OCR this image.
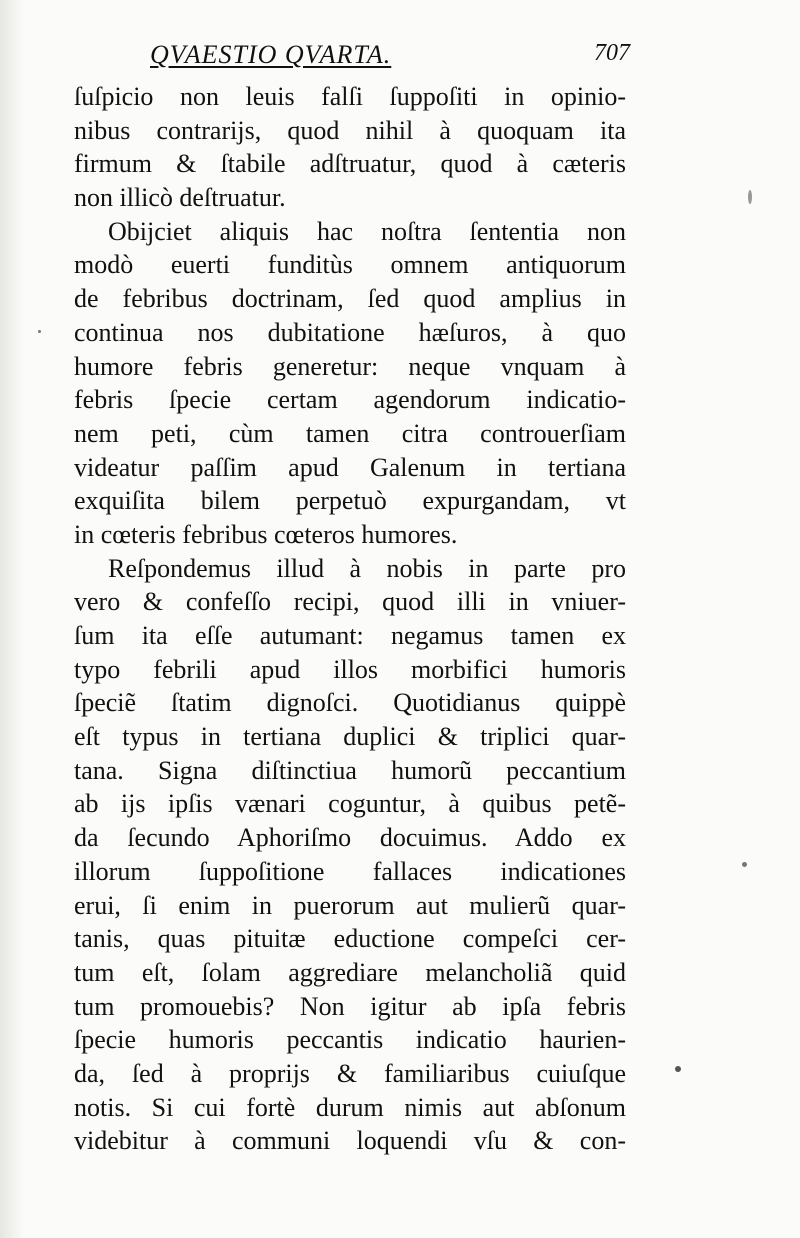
QVAESTIO QVARTA.	707
ſuſpicio non leuis falſi ſuppoſiti in opinio-
nibus contrarijs, quod nihil à quoquam ita
firmum & ſtabile adſtruatur, quod à cæteris
non illicò deſtruatur.
Obijciet aliquis hac noſtra ſententia non
modò euerti funditùs omnem antiquorum
de febribus doctrinam, ſed quod amplius in
continua nos dubitatione hæſuros, à quo
humore febris generetur: neque vnquam à
febris ſpecie certam agendorum indicatio-
nem peti, cùm tamen citra controuerſiam
videatur paſſim apud Galenum in tertiana
exquiſita bilem perpetuò expurgandam, vt
in cœteris febribus cœteros humores.
Reſpondemus illud à nobis in parte pro
vero & confeſſo recipi, quod illi in vniuer-
ſum ita eſſe autumant: negamus tamen ex
typo febrili apud illos morbifici humoris
ſpeciẽ ſtatim dignoſci. Quotidianus quippè
eſt typus in tertiana duplici & triplici quar-
tana. Signa diſtinctiua humorũ peccantium
ab ijs ipſis vænari coguntur, à quibus petẽ-
da ſecundo Aphoriſmo docuimus. Addo ex
illorum ſuppoſitione fallaces indicationes
erui, ſi enim in puerorum aut mulierũ quar-
tanis, quas pituitæ eductione compeſci cer-
tum eſt, ſolam aggrediare melancholiã quid
tum promouebis? Non igitur ab ipſa febris
ſpecie humoris peccantis indicatio haurien-
da, ſed à proprijs & familiaribus cuiuſque
notis. Si cui fortè durum nimis aut abſonum
videbitur à communi loquendi vſu & con-
